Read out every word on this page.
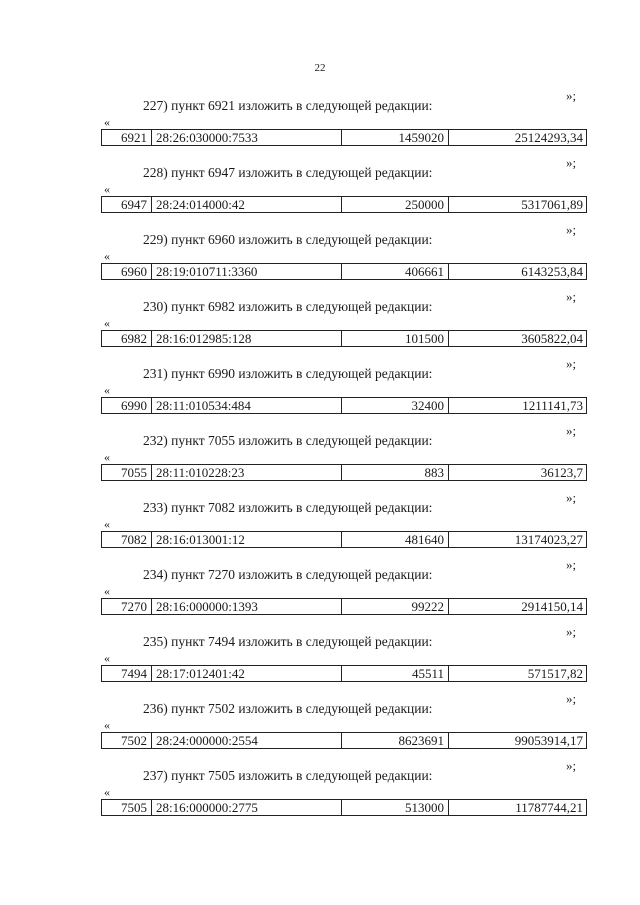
22
»;
227) пункт 6921 изложить в следующей редакции:
«
6921 28:26:030000:7533	1459020	25124293,34
»;
228) пункт 6947 изложить в следующей редакции:
«
6947 28:24:014000:42	250000	5317061,89
»;
229) пункт 6960 изложить в следующей редакции:
«
6960 28:19:010711:3360	406661	6143253,84
»;
230) пункт 6982 изложить в следующей редакции:
«
6982 28:16:012985:128	101500	3605822,04
»;
231) пункт 6990 изложить в следующей редакции:
«
6990 28:11:010534:484	32400	1211141,73
»;
232) пункт 7055 изложить в следующей редакции:
«
7055 28:11:010228:23	883	36123,7
»;
233) пункт 7082 изложить в следующей редакции:
«
7082 28:16:013001:12	481640	13174023,27
»;
234) пункт 7270 изложить в следующей редакции:
«
7270 28:16:000000:1393	99222	2914150,14
»;
235) пункт 7494 изложить в следующей редакции:
«
7494 28:17:012401:42	45511	571517,82
»;
236) пункт 7502 изложить в следующей редакции:
«
7502 28:24:000000:2554	8623691	99053914,17
»;
237) пункт 7505 изложить в следующей редакции:
«
7505 28:16:000000:2775	513000	11787744,21
